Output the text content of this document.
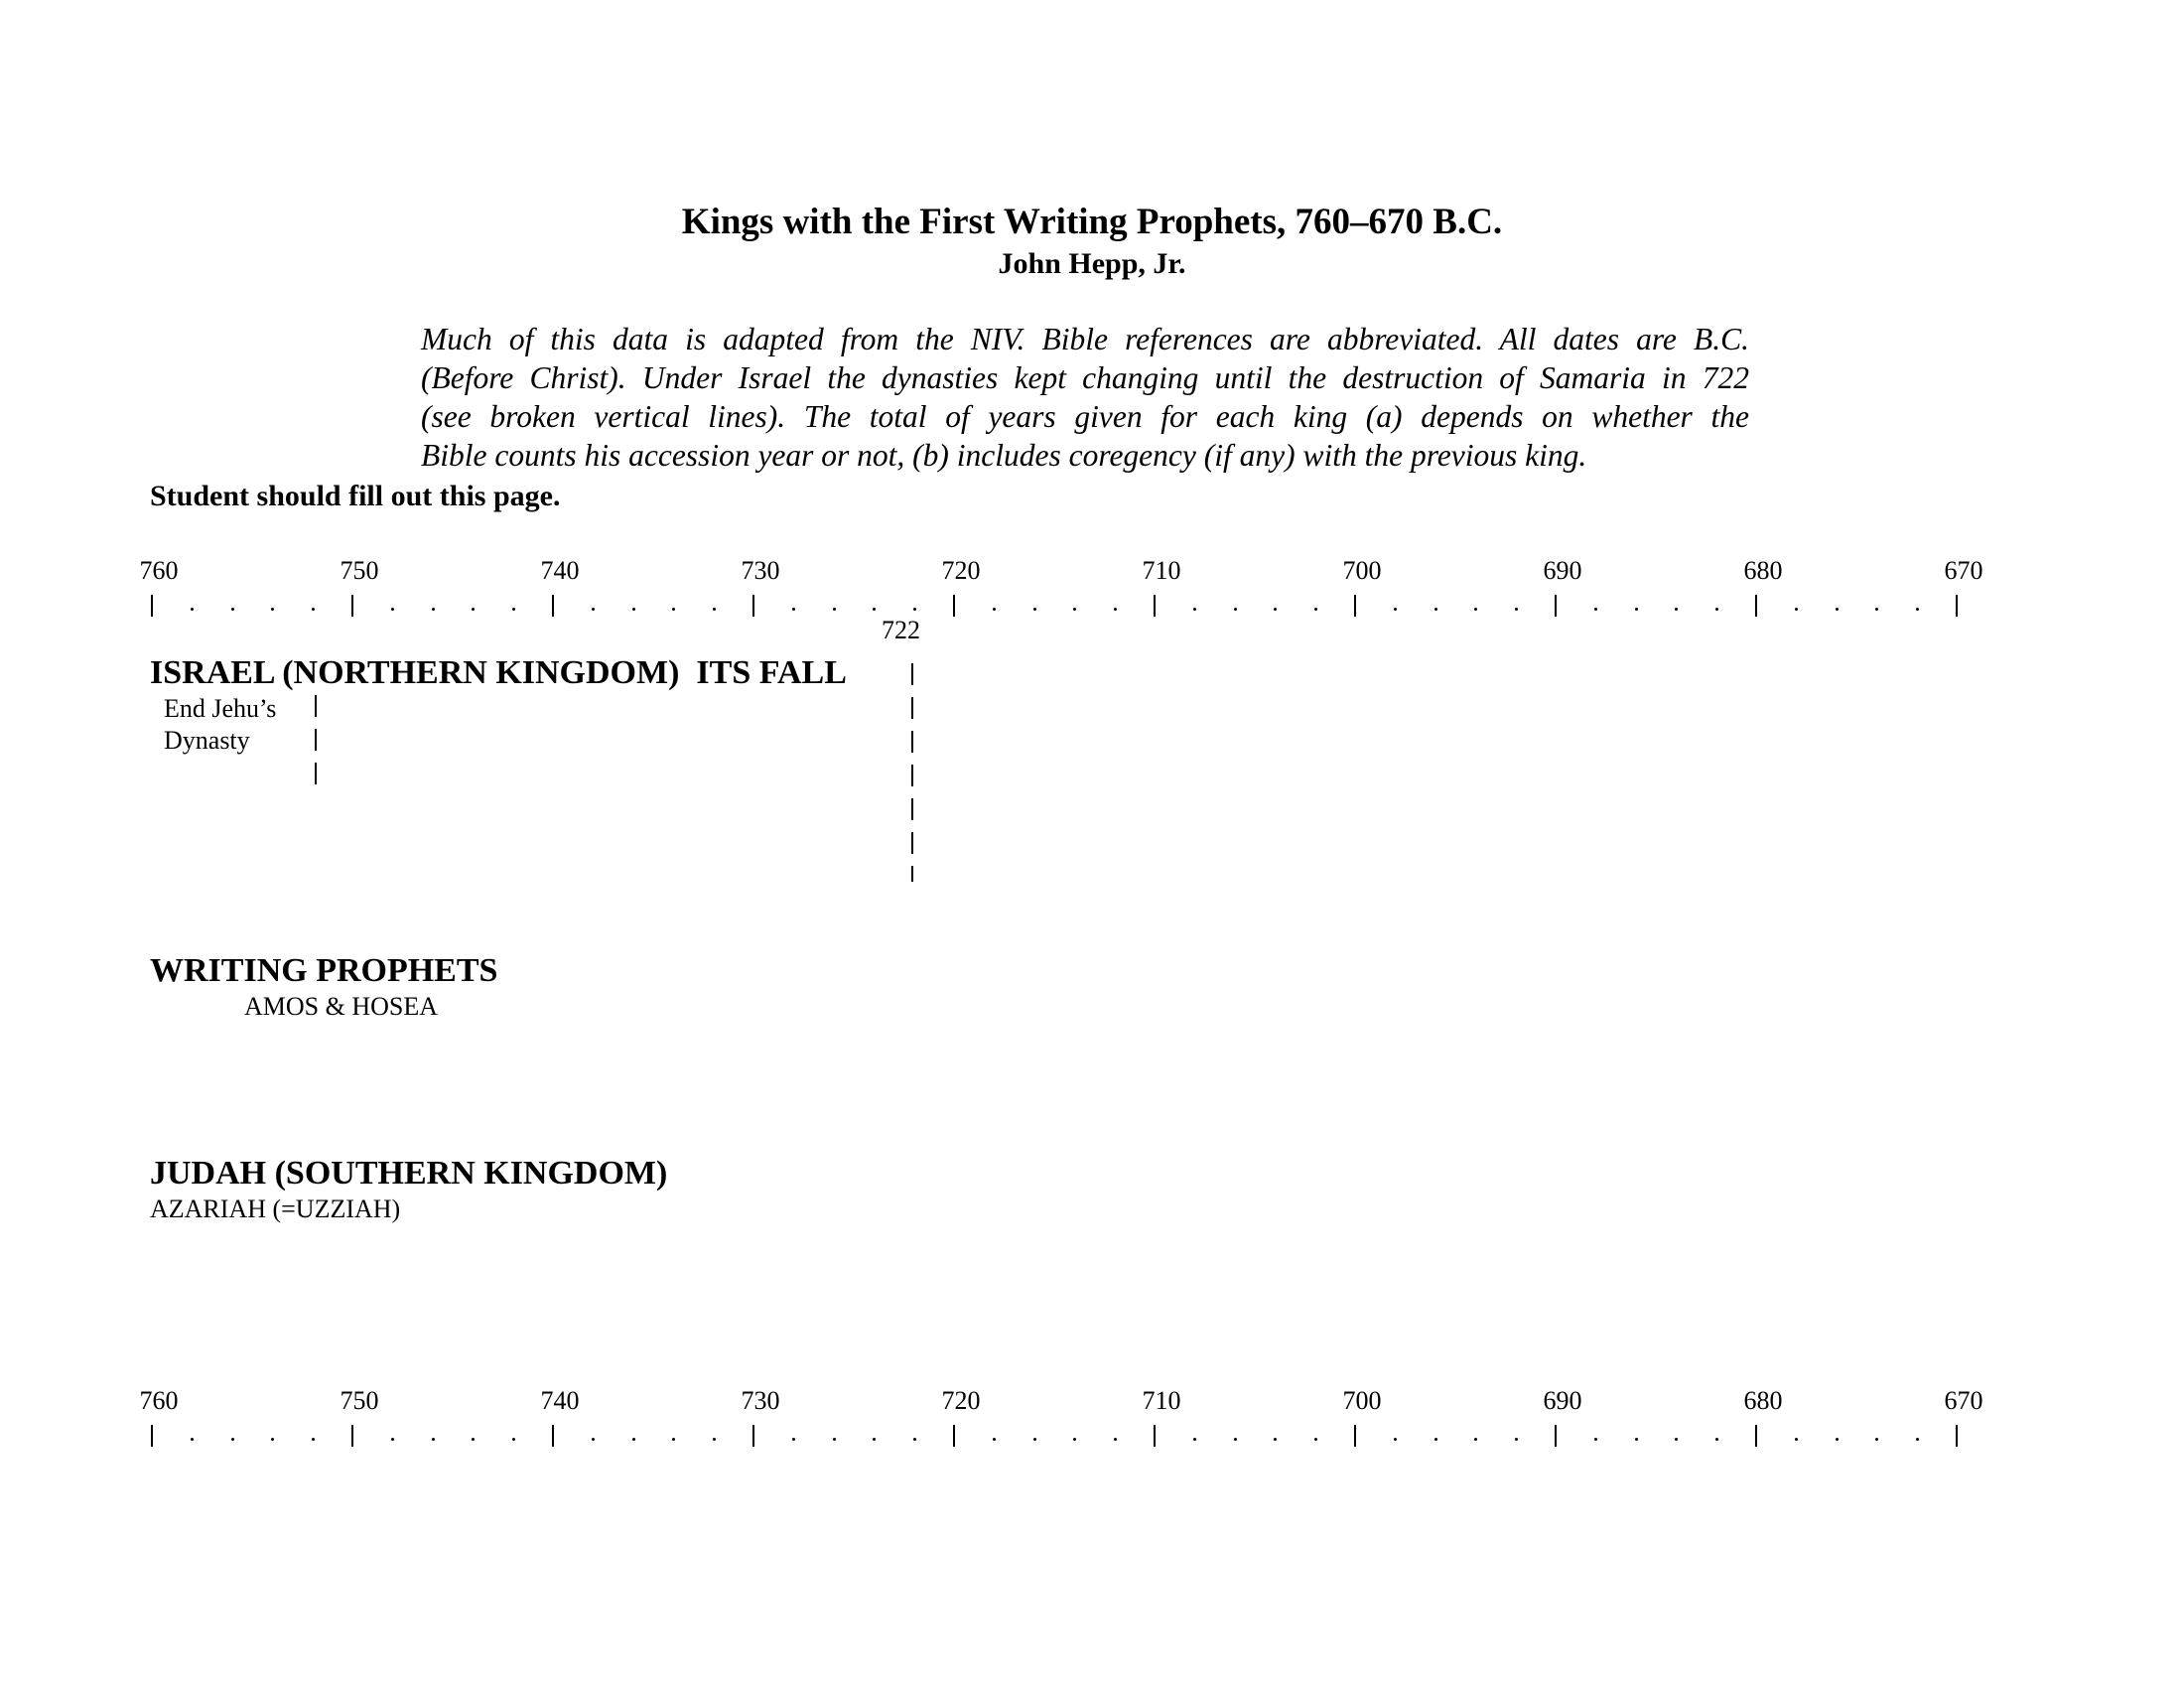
Kings with the First Writing Prophets, 760–670 B.C.
John Hepp, Jr.
Much of this data is adapted from the NIV. Bible references are abbreviated. All dates are B.C.
(Before Christ). Under Israel the dynasties kept changing until the destruction of Samaria in 722
(see broken vertical lines). The total of years given for each king (a) depends on whether the
Bible counts his accession year or not, (b) includes coregency (if any) with the previous king.
Student should fill out this page.
760	750	740	730	720	710	700	690	680	670
722
ISRAEL (NORTHERN KINGDOM) ITS FALL
End Jehu’s
Dynasty
WRITING PROPHETS
AMOS & HOSEA
JUDAH (SOUTHERN KINGDOM)
AZARIAH (=UZZIAH)
760	750	740	730	720	710	700	690	680	670
